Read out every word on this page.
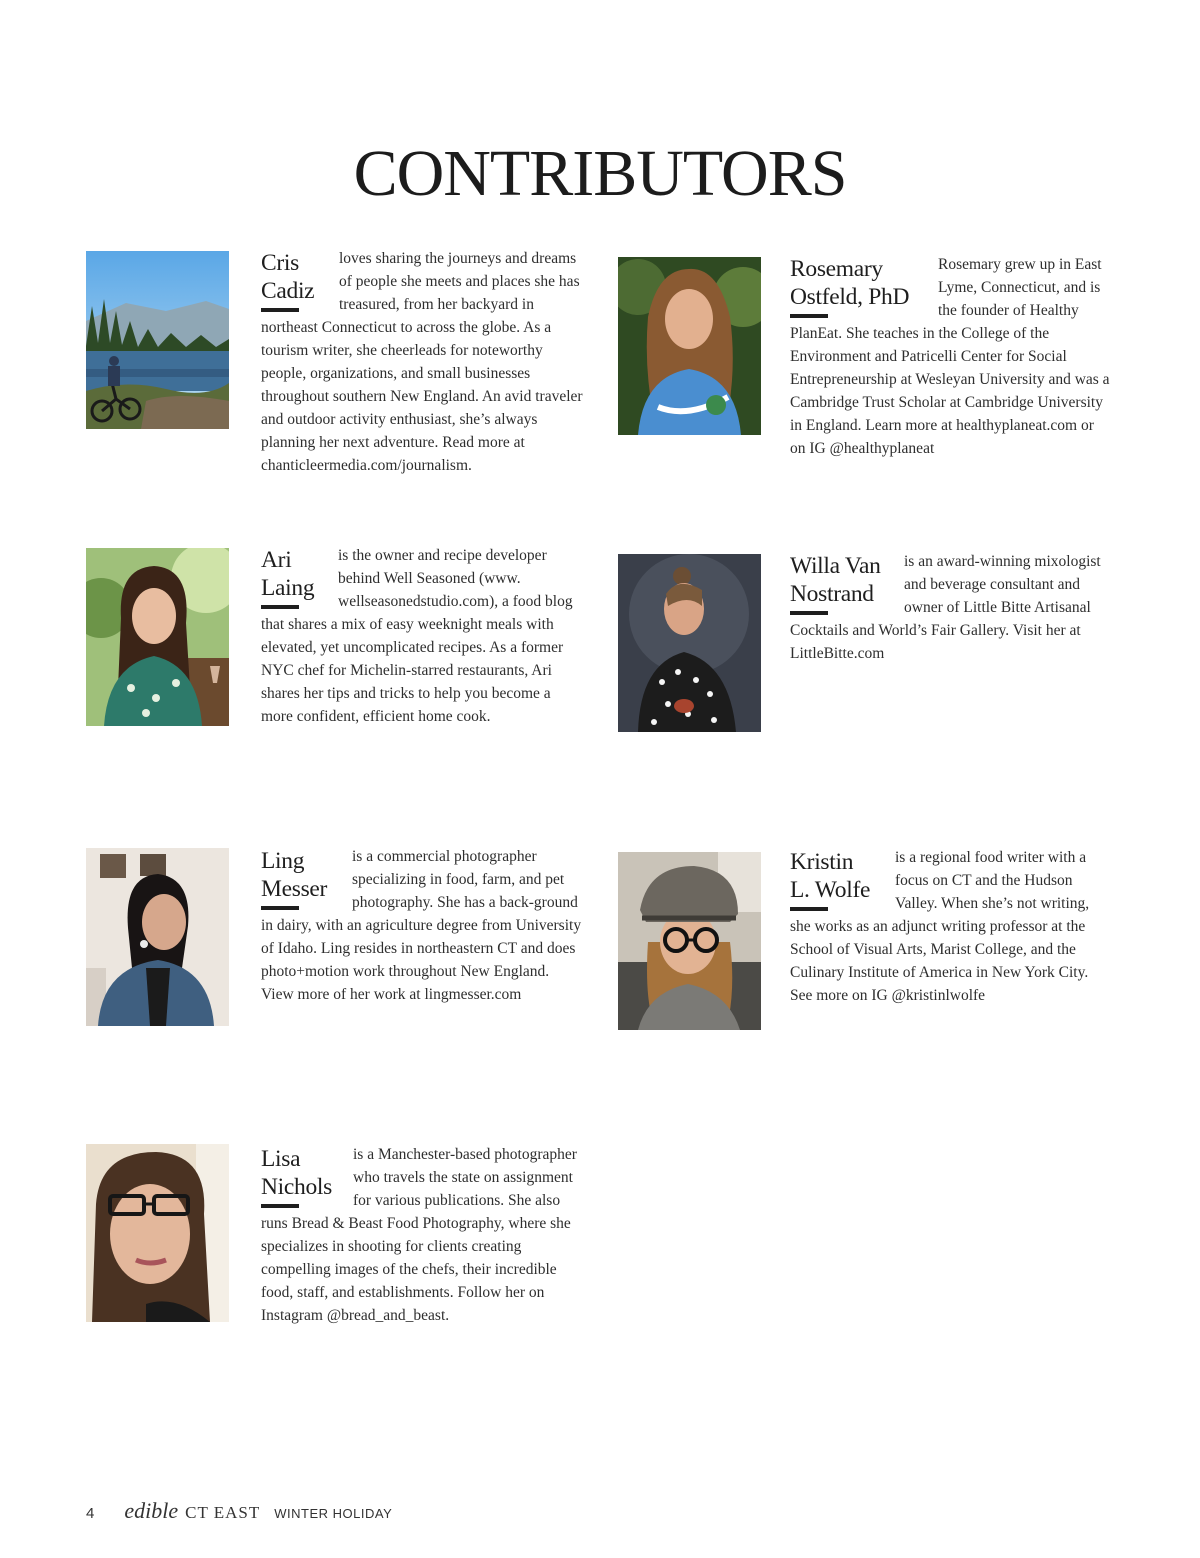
CONTRIBUTORS
Cris
Cadiz
loves sharing the journeys and dreams of people she meets and places she has treasured, from her backyard in northeast Connecticut to across the globe. As a tourism writer, she cheerleads for noteworthy people, organizations, and small businesses throughout southern New England. An avid traveler and outdoor activity enthusiast, she’s always planning her next adventure. Read more at chanticleermedia.com/journalism.
Rosemary
Ostfeld, PhD
Rosemary grew up in East Lyme, Connecticut, and is the founder of Healthy PlanEat. She teaches in the College of the Environment and Patricelli Center for Social Entrepreneurship at Wesleyan University and was a Cambridge Trust Scholar at Cambridge University in England. Learn more at healthyplaneat.com or on IG @healthyplaneat
Ari
Laing
is the owner and recipe developer behind Well Seasoned (www. wellseasonedstudio.com), a food blog that shares a mix of easy weeknight meals with elevated, yet uncomplicated recipes. As a former NYC chef for Michelin-starred restaurants, Ari shares her tips and tricks to help you become a more confident, efficient home cook.
Willa Van
Nostrand
is an award-winning mixologist and beverage consultant and owner of Little Bitte Artisanal Cocktails and World’s Fair Gallery. Visit her at LittleBitte.com
Ling
Messer
is a commercial photographer specializing in food, farm, and pet photography. She has a back-ground in dairy, with an agriculture degree from University of Idaho. Ling resides in northeastern CT and does photo+motion work throughout New England. View more of her work at lingmesser.com
Kristin
L. Wolfe
is a regional food writer with a focus on CT and the Hudson Valley. When she’s not writing, she works as an adjunct writing professor at the School of Visual Arts, Marist College, and the Culinary Institute of America in New York City. See more on IG @kristinlwolfe
Lisa
Nichols
is a Manchester-based photographer who travels the state on assignment for various publications. She also runs Bread & Beast Food Photography, where she specializes in shooting for clients creating compelling images of the chefs, their incredible food, staff, and establishments. Follow her on Instagram @bread_and_beast.
4 edible CT EAST WINTER HOLIDAY
